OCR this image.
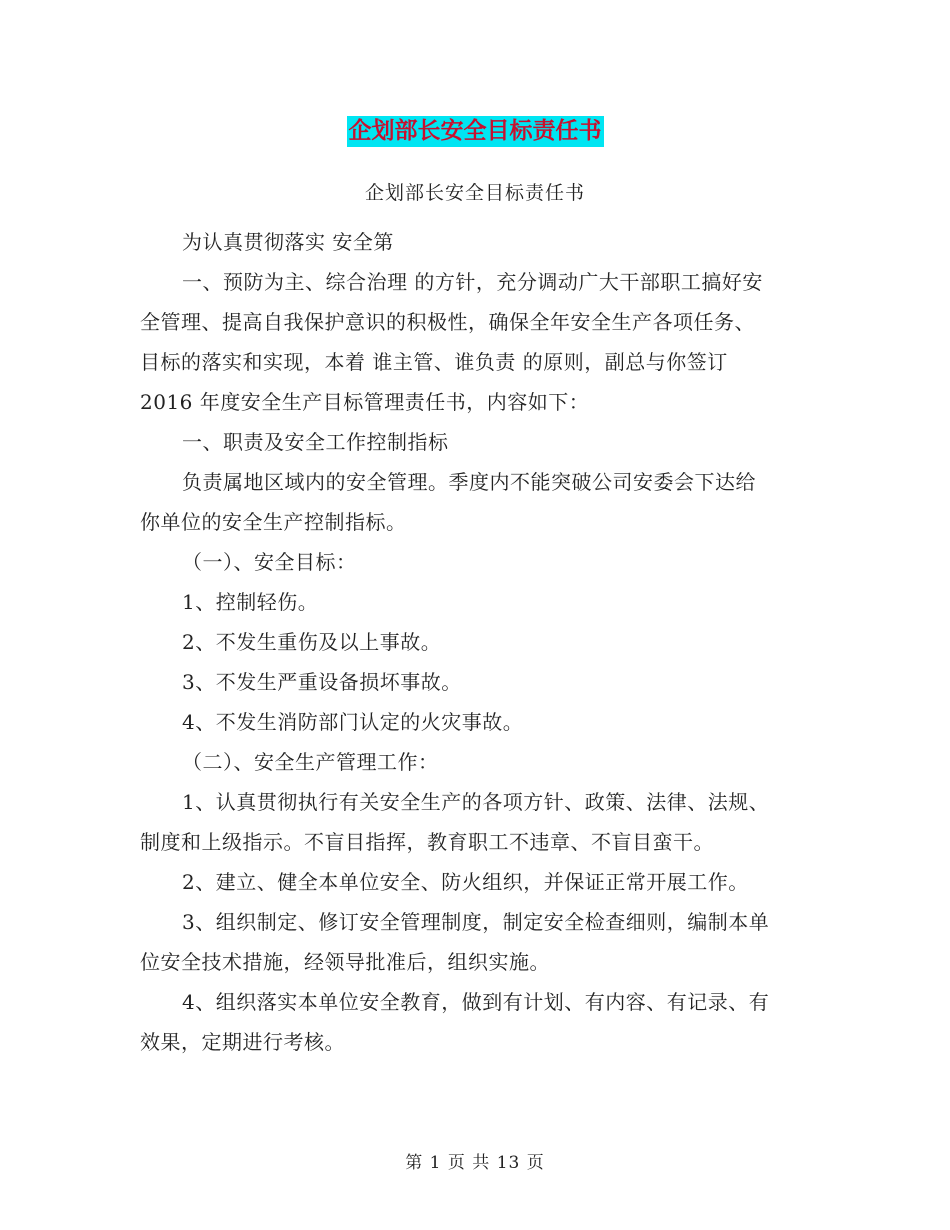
企划部长安全目标责任书
企划部长安全目标责任书

为认真贯彻落实 安全第

一、预防为主、综合治理 的方针，充分调动广大干部职工搞好安

全管理、提高自我保护意识的积极性，确保全年安全生产各项任务、

目标的落实和实现，本着 谁主管、谁负责 的原则，副总与你签订

2016 年度安全生产目标管理责任书，内容如下：

一、职责及安全工作控制指标

负责属地区域内的安全管理。季度内不能突破公司安委会下达给

你单位的安全生产控制指标。

（一）、安全目标：

1、控制轻伤。

2、不发生重伤及以上事故。

3、不发生严重设备损坏事故。

4、不发生消防部门认定的火灾事故。

（二）、安全生产管理工作：

1、认真贯彻执行有关安全生产的各项方针、政策、法律、法规、

制度和上级指示。不盲目指挥，教育职工不违章、不盲目蛮干。

2、建立、健全本单位安全、防火组织，并保证正常开展工作。

3、组织制定、修订安全管理制度，制定安全检查细则，编制本单

位安全技术措施，经领导批准后，组织实施。

4、组织落实本单位安全教育，做到有计划、有内容、有记录、有

效果，定期进行考核。

第 1 页 共 13 页
